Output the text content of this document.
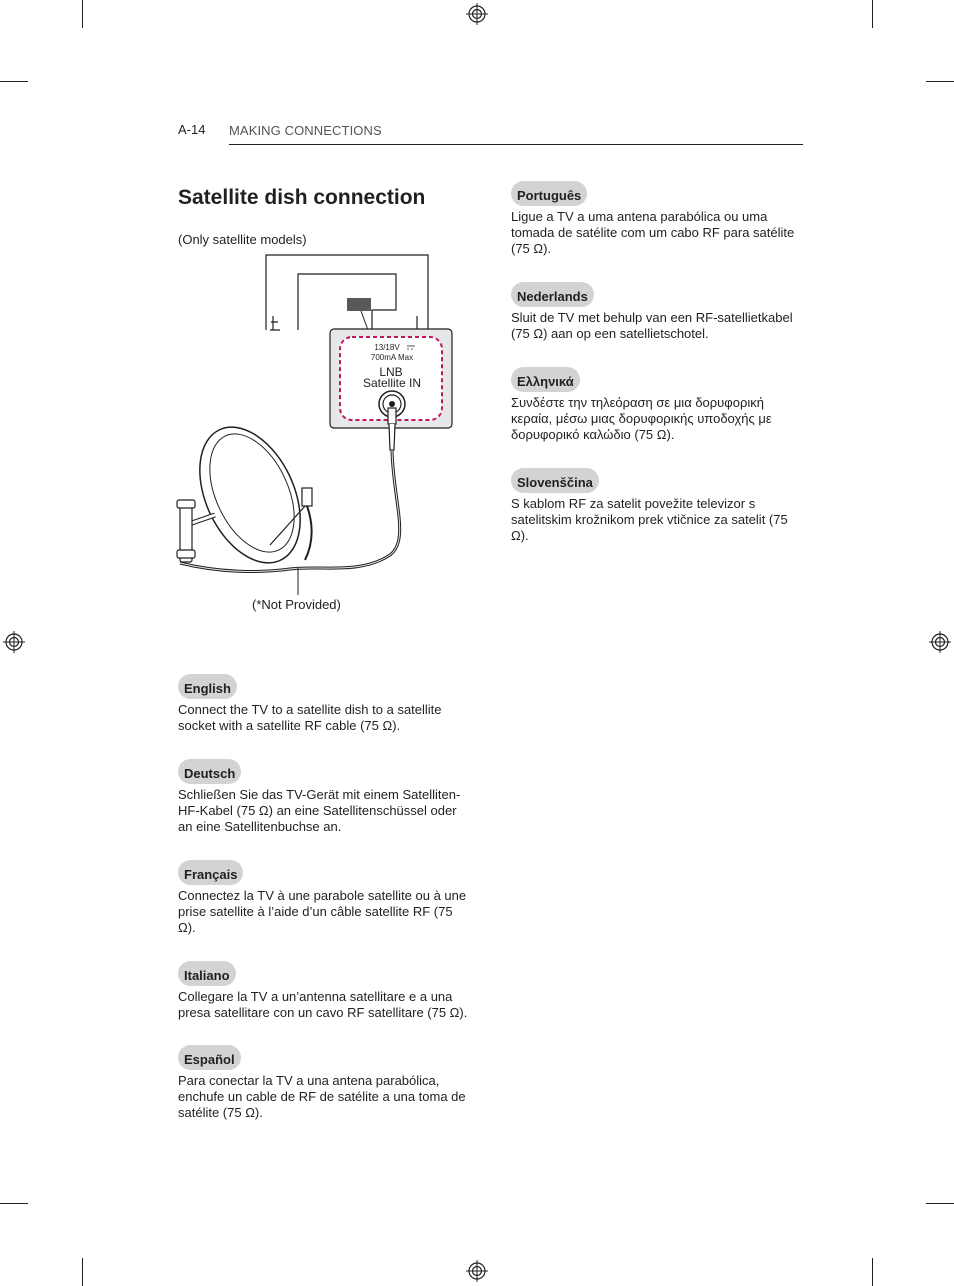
A-14 MAKING CONNECTIONS
Satellite dish connection
(Only satellite models)
13/18V
700mA Max
LNB
Satellite IN
(*Not Provided)
English
Connect the TV to a satellite dish to a satellite socket with a satellite RF cable (75 Ω).
Deutsch
Schließen Sie das TV-Gerät mit einem Satelliten-HF-Kabel (75 Ω) an eine Satellitenschüssel oder an eine Satellitenbuchse an.
Français
Connectez la TV à une parabole satellite ou à une prise satellite à l’aide d’un câble satellite RF (75 Ω).
Italiano
Collegare la TV a un’antenna satellitare e a una presa satellitare con un cavo RF satellitare (75 Ω).
Español
Para conectar la TV a una antena parabólica, enchufe un cable de RF de satélite a una toma de satélite (75 Ω).
Português
Ligue a TV a uma antena parabólica ou uma tomada de satélite com um cabo RF para satélite (75 Ω).
Nederlands
Sluit de TV met behulp van een RF-satellietkabel (75 Ω) aan op een satellietschotel.
Ελληνικά
Συνδέστε την τηλεόραση σε μια δορυφορική κεραία, μέσω μιας δορυφορικής υποδοχής με δορυφορικό καλώδιο (75 Ω).
Slovenščina
S kablom RF za satelit povežite televizor s satelitskim krožnikom prek vtičnice za satelit (75 Ω).
